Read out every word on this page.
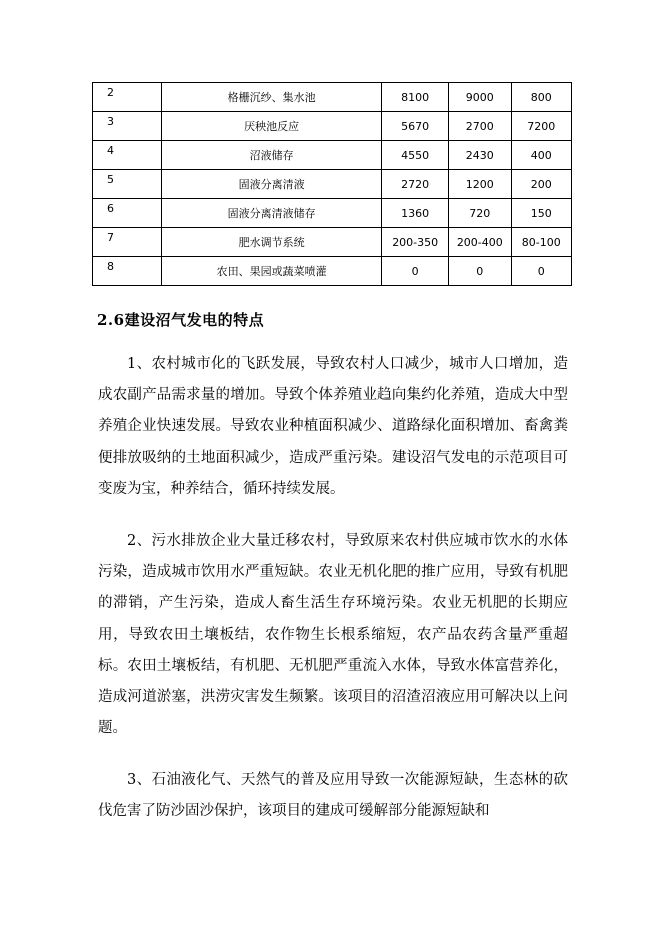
2	格栅沉纱、集水池	8100	9000	800
3	厌秧池反应	5670	2700	7200
4	沼液储存	4550	2430	400
5	固液分离清液	2720	1200	200
6	固液分离清液储存	1360	720	150
7	肥水调节系统	200-350	200-400	80-100
8	农田、果园或蔬菜喷灌	0	0	0
2.6建设沼气发电的特点

1、农村城市化的飞跃发展，导致农村人口减少，城市人口增加，造成农副产品需求量的增加。导致个体养殖业趋向集约化养殖，造成大中型养殖企业快速发展。导致农业种植面积减少、道路绿化面积增加、畜禽粪便排放吸纳的土地面积减少，造成严重污染。建设沼气发电的示范项目可变废为宝，种养结合，循环持续发展。

2、污水排放企业大量迁移农村，导致原来农村供应城市饮水的水体污染，造成城市饮用水严重短缺。农业无机化肥的推广应用，导致有机肥的滞销，产生污染，造成人畜生活生存环境污染。农业无机肥的长期应用，导致农田土壤板结，农作物生长根系缩短，农产品农药含量严重超标。农田土壤板结，有机肥、无机肥严重流入水体，导致水体富营养化，造成河道淤塞，洪涝灾害发生频繁。该项目的沼渣沼液应用可解决以上问题。

3、石油液化气、天然气的普及应用导致一次能源短缺，生态林的砍伐危害了防沙固沙保护，该项目的建成可缓解部分能源短缺和
